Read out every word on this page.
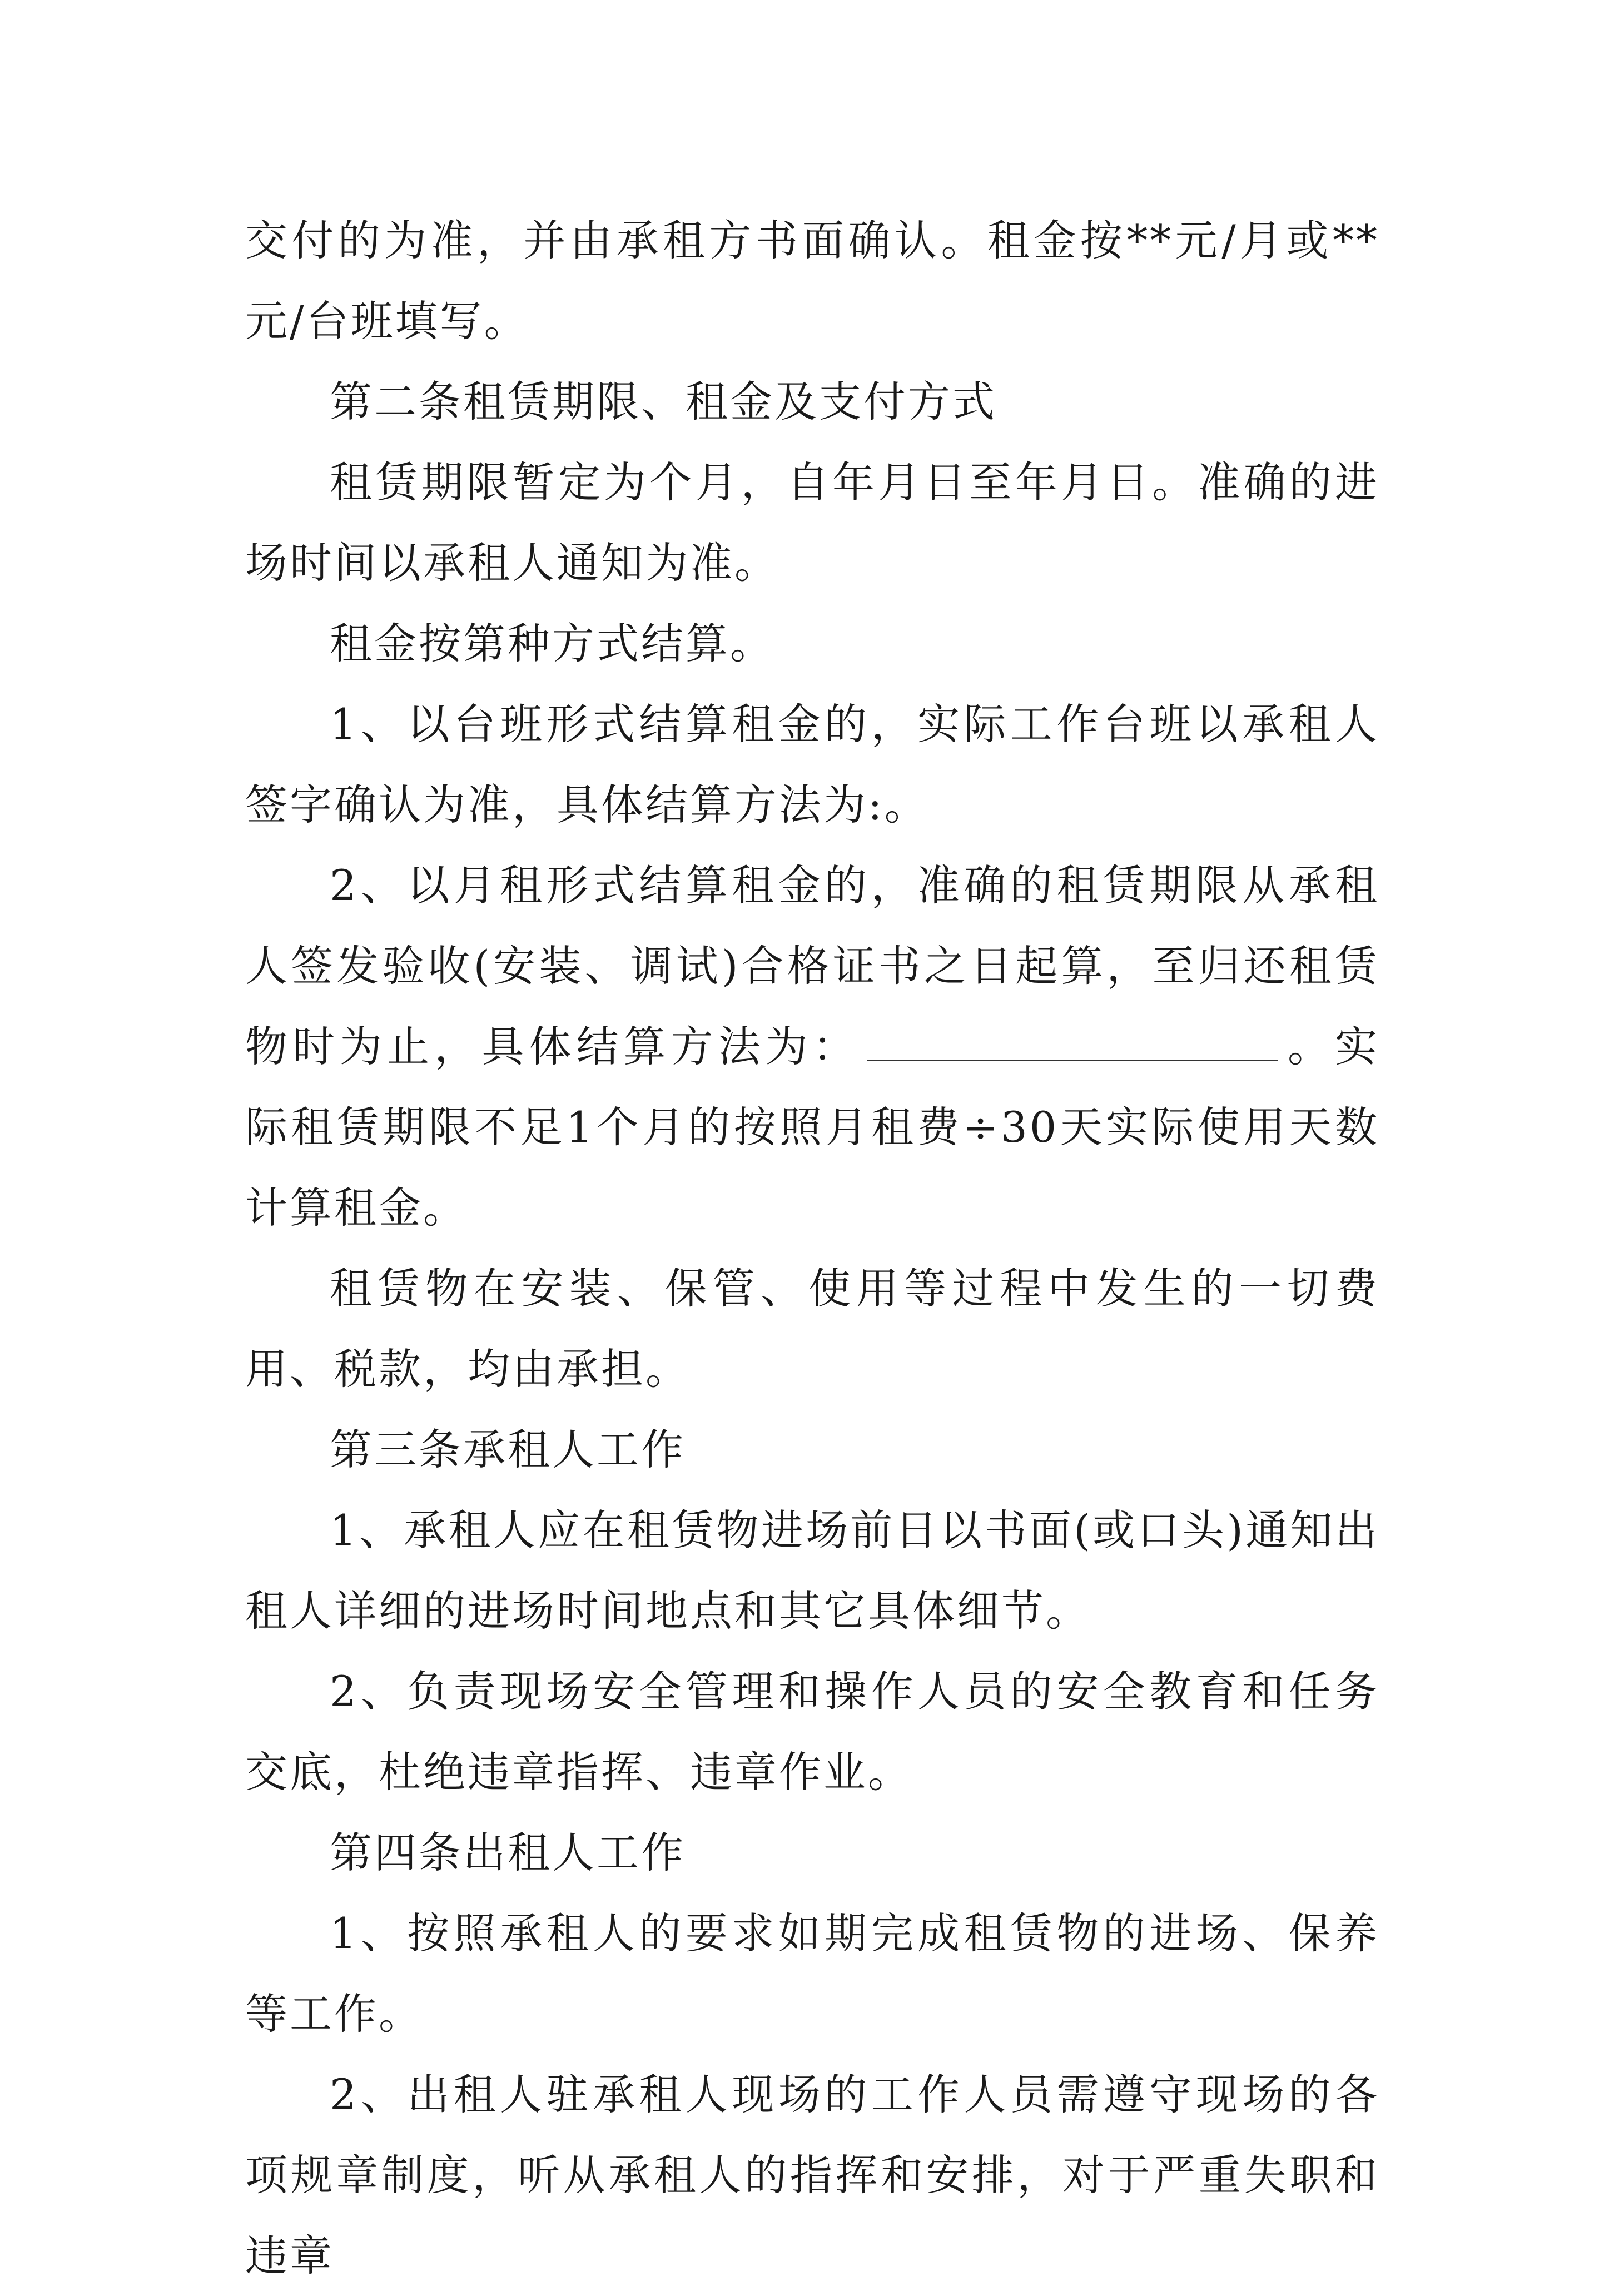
交付的为准，并由承租方书面确认。租金按**元/月或**元/台班填写。

第二条租赁期限、租金及支付方式

租赁期限暂定为个月，自年月日至年月日。准确的进场时间以承租人通知为准。

租金按第种方式结算。

1、以台班形式结算租金的，实际工作台班以承租人签字确认为准，具体结算方法为:。

2、以月租形式结算租金的，准确的租赁期限从承租人签发验收(安装、调试)合格证书之日起算，至归还租赁物时为止，具体结算方法为：	。实际租赁期限不足1个月的按照月租费÷30天实际使用天数计算租金。

租赁物在安装、保管、使用等过程中发生的一切费用、税款，均由承担。

第三条承租人工作

1、承租人应在租赁物进场前日以书面(或口头)通知出租人详细的进场时间地点和其它具体细节。

2、负责现场安全管理和操作人员的安全教育和任务交底，杜绝违章指挥、违章作业。

第四条出租人工作

1、按照承租人的要求如期完成租赁物的进场、保养等工作。

2、出租人驻承租人现场的工作人员需遵守现场的各项规章制度，听从承租人的指挥和安排，对于严重失职和违章
